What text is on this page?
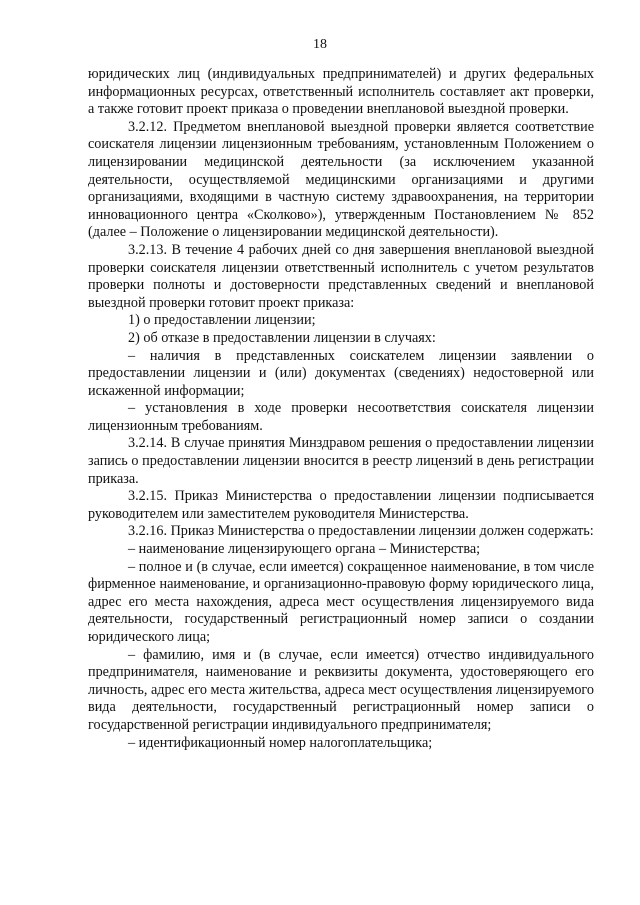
18

юридических лиц (индивидуальных предпринимателей) и других федеральных информационных ресурсах, ответственный исполнитель составляет акт проверки, а также готовит проект приказа о проведении внеплановой выездной проверки.

3.2.12. Предметом внеплановой выездной проверки является соответствие соискателя лицензии лицензионным требованиям, установленным Положением о лицензировании медицинской деятельности (за исключением указанной деятельности, осуществляемой медицинскими организациями и другими организациями, входящими в частную систему здравоохранения, на территории инновационного центра «Сколково»), утвержденным Постановлением № 852 (далее – Положение о лицензировании медицинской деятельности).

3.2.13. В течение 4 рабочих дней со дня завершения внеплановой выездной проверки соискателя лицензии ответственный исполнитель с учетом результатов проверки полноты и достоверности представленных сведений и внеплановой выездной проверки готовит проект приказа:

1) о предоставлении лицензии;

2) об отказе в предоставлении лицензии в случаях:

– наличия в представленных соискателем лицензии заявлении о предоставлении лицензии и (или) документах (сведениях) недостоверной или искаженной информации;

– установления в ходе проверки несоответствия соискателя лицензии лицензионным требованиям.

3.2.14. В случае принятия Минздравом решения о предоставлении лицензии запись о предоставлении лицензии вносится в реестр лицензий в день регистрации приказа.

3.2.15. Приказ Министерства о предоставлении лицензии подписывается руководителем или заместителем руководителя Министерства.

3.2.16. Приказ Министерства о предоставлении лицензии должен содержать:

– наименование лицензирующего органа – Министерства;

– полное и (в случае, если имеется) сокращенное наименование, в том числе фирменное наименование, и организационно-правовую форму юридического лица, адрес его места нахождения, адреса мест осуществления лицензируемого вида деятельности, государственный регистрационный номер записи о создании юридического лица;

– фамилию, имя и (в случае, если имеется) отчество индивидуального предпринимателя, наименование и реквизиты документа, удостоверяющего его личность, адрес его места жительства, адреса мест осуществления лицензируемого вида деятельности, государственный регистрационный номер записи о государственной регистрации индивидуального предпринимателя;

– идентификационный номер налогоплательщика;
